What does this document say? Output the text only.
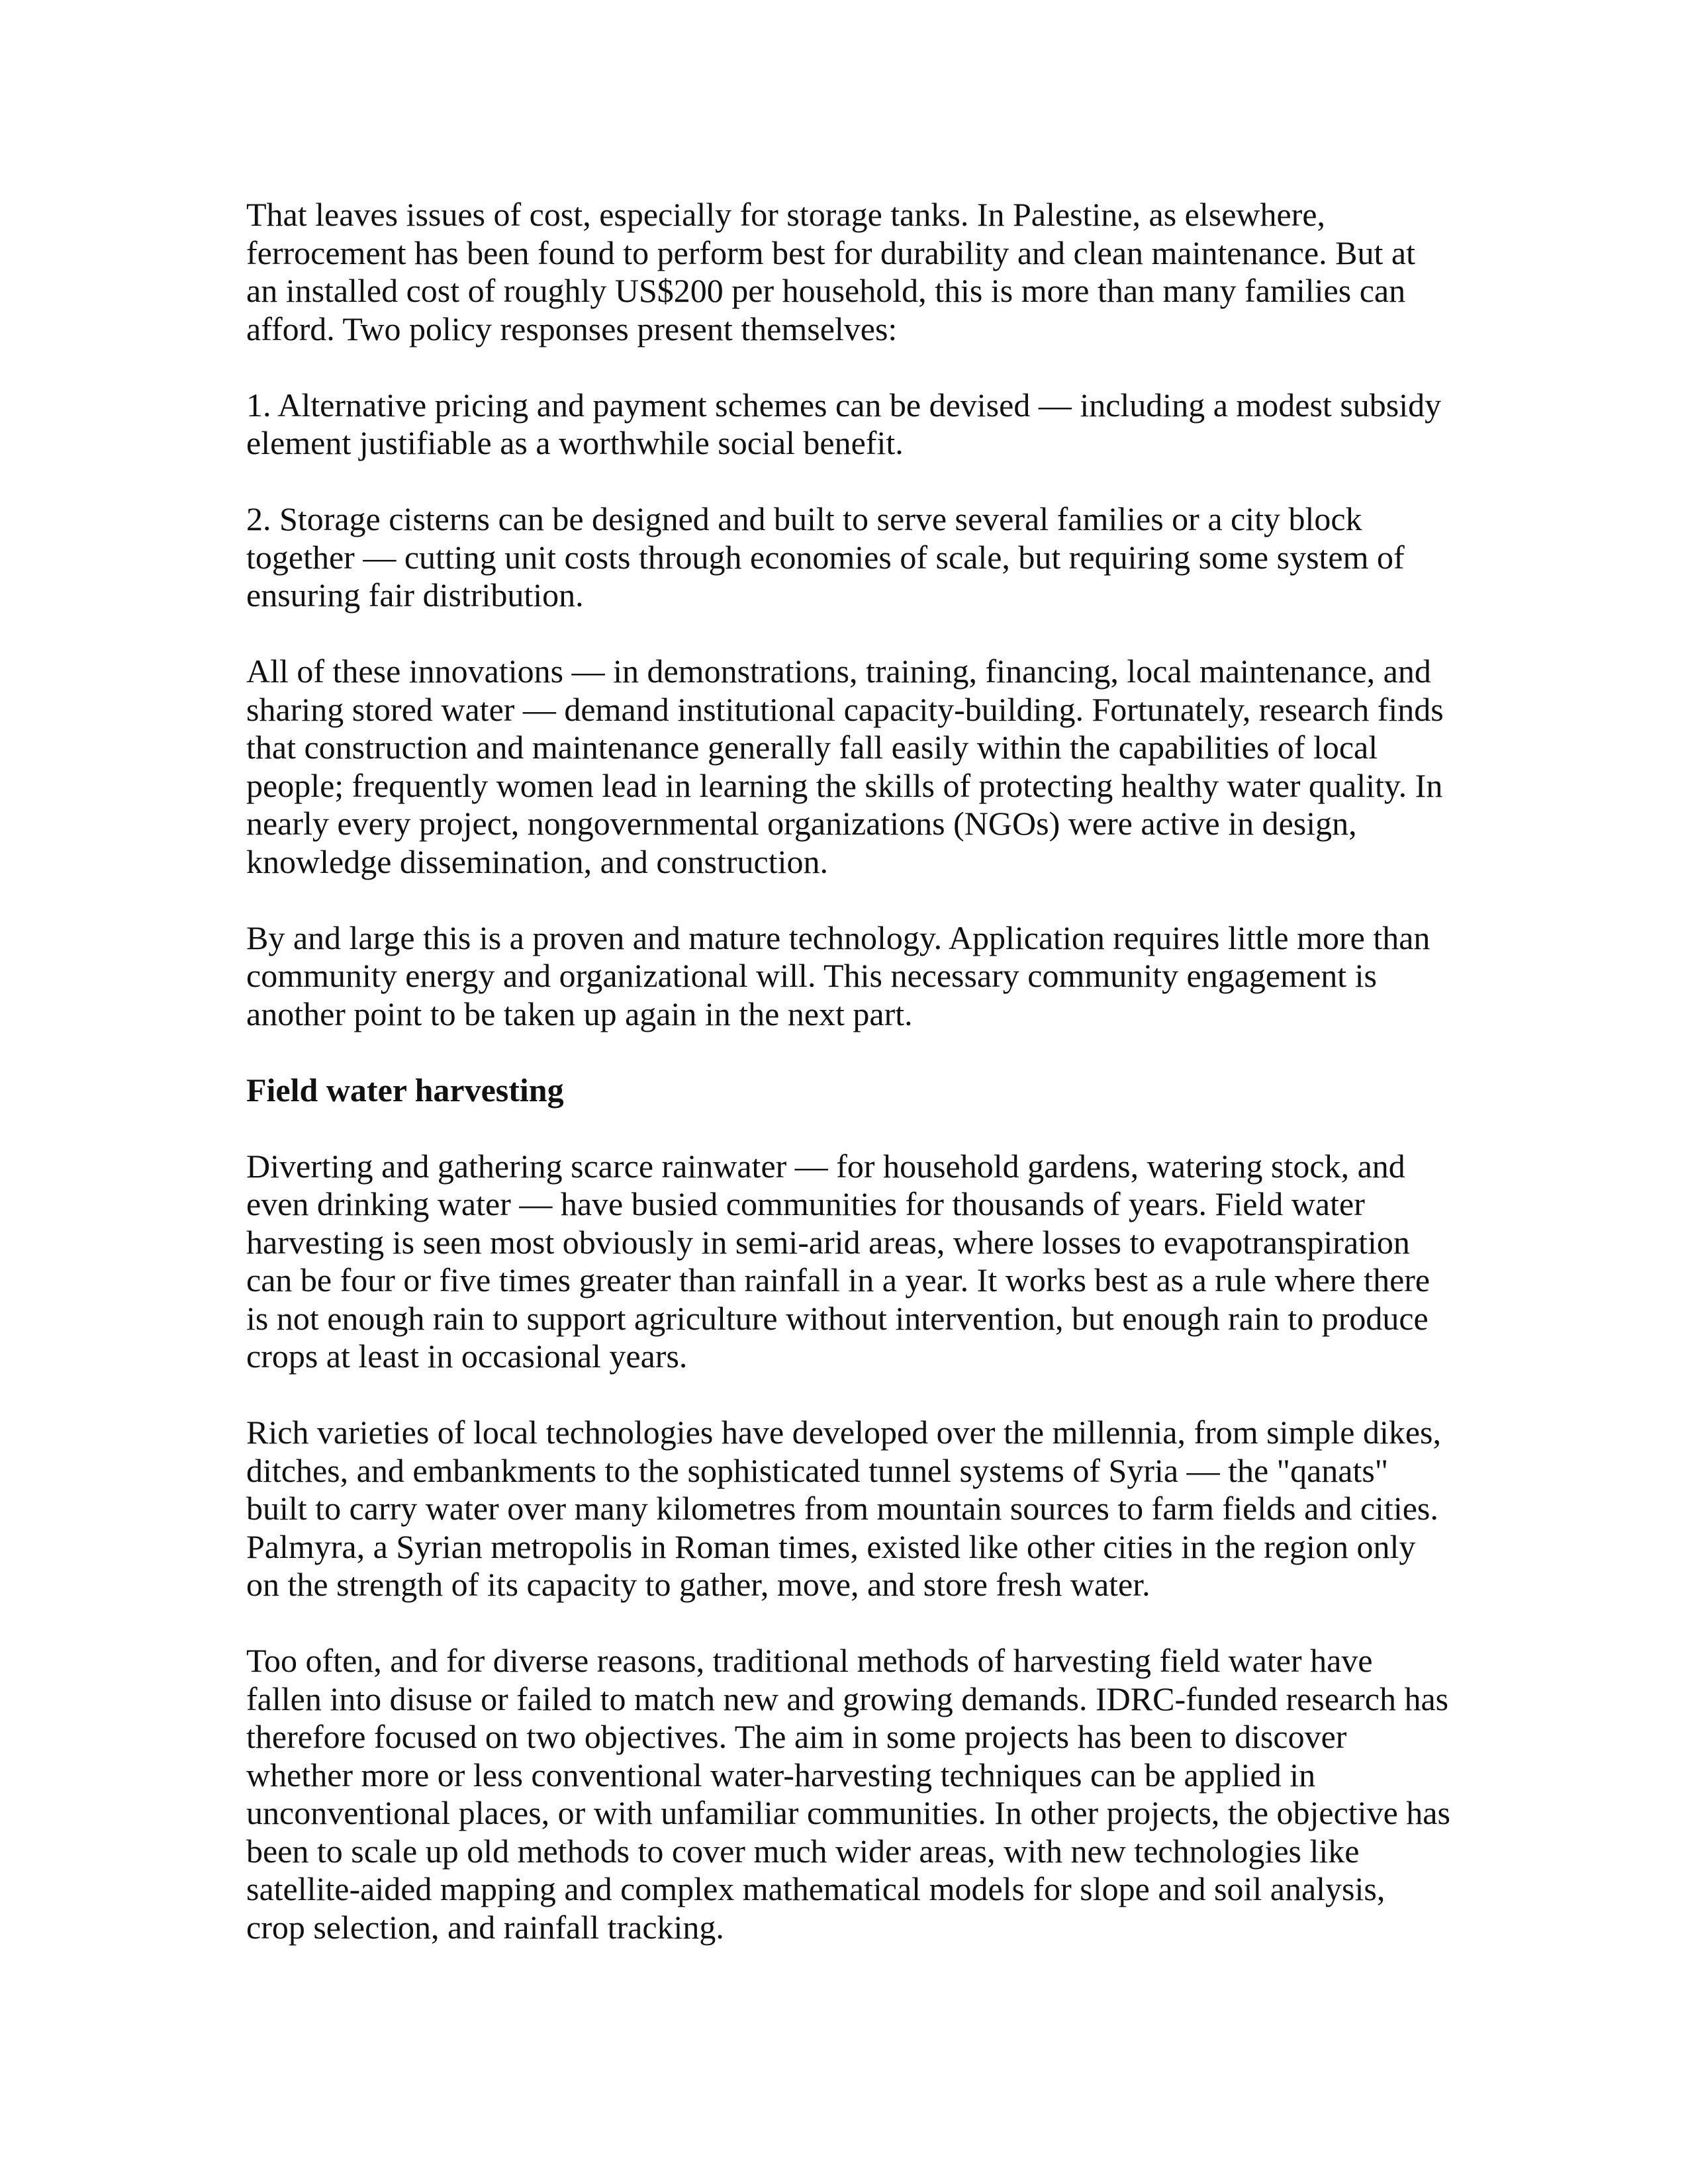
That leaves issues of cost, especially for storage tanks. In Palestine, as elsewhere, ferrocement has been found to perform best for durability and clean maintenance. But at an installed cost of roughly US$200 per household, this is more than many families can afford. Two policy responses present themselves:

1. Alternative pricing and payment schemes can be devised — including a modest subsidy element justifiable as a worthwhile social benefit.

2. Storage cisterns can be designed and built to serve several families or a city block together — cutting unit costs through economies of scale, but requiring some system of ensuring fair distribution.

All of these innovations — in demonstrations, training, financing, local maintenance, and sharing stored water — demand institutional capacity-building. Fortunately, research finds that construction and maintenance generally fall easily within the capabilities of local people; frequently women lead in learning the skills of protecting healthy water quality. In nearly every project, nongovernmental organizations (NGOs) were active in design, knowledge dissemination, and construction.

By and large this is a proven and mature technology. Application requires little more than community energy and organizational will. This necessary community engagement is another point to be taken up again in the next part.

Field water harvesting

Diverting and gathering scarce rainwater — for household gardens, watering stock, and even drinking water — have busied communities for thousands of years. Field water harvesting is seen most obviously in semi-arid areas, where losses to evapotranspiration can be four or five times greater than rainfall in a year. It works best as a rule where there is not enough rain to support agriculture without intervention, but enough rain to produce crops at least in occasional years.

Rich varieties of local technologies have developed over the millennia, from simple dikes, ditches, and embankments to the sophisticated tunnel systems of Syria — the "qanats" built to carry water over many kilometres from mountain sources to farm fields and cities. Palmyra, a Syrian metropolis in Roman times, existed like other cities in the region only on the strength of its capacity to gather, move, and store fresh water.

Too often, and for diverse reasons, traditional methods of harvesting field water have fallen into disuse or failed to match new and growing demands. IDRC-funded research has therefore focused on two objectives. The aim in some projects has been to discover whether more or less conventional water-harvesting techniques can be applied in unconventional places, or with unfamiliar communities. In other projects, the objective has been to scale up old methods to cover much wider areas, with new technologies like satellite-aided mapping and complex mathematical models for slope and soil analysis, crop selection, and rainfall tracking.
